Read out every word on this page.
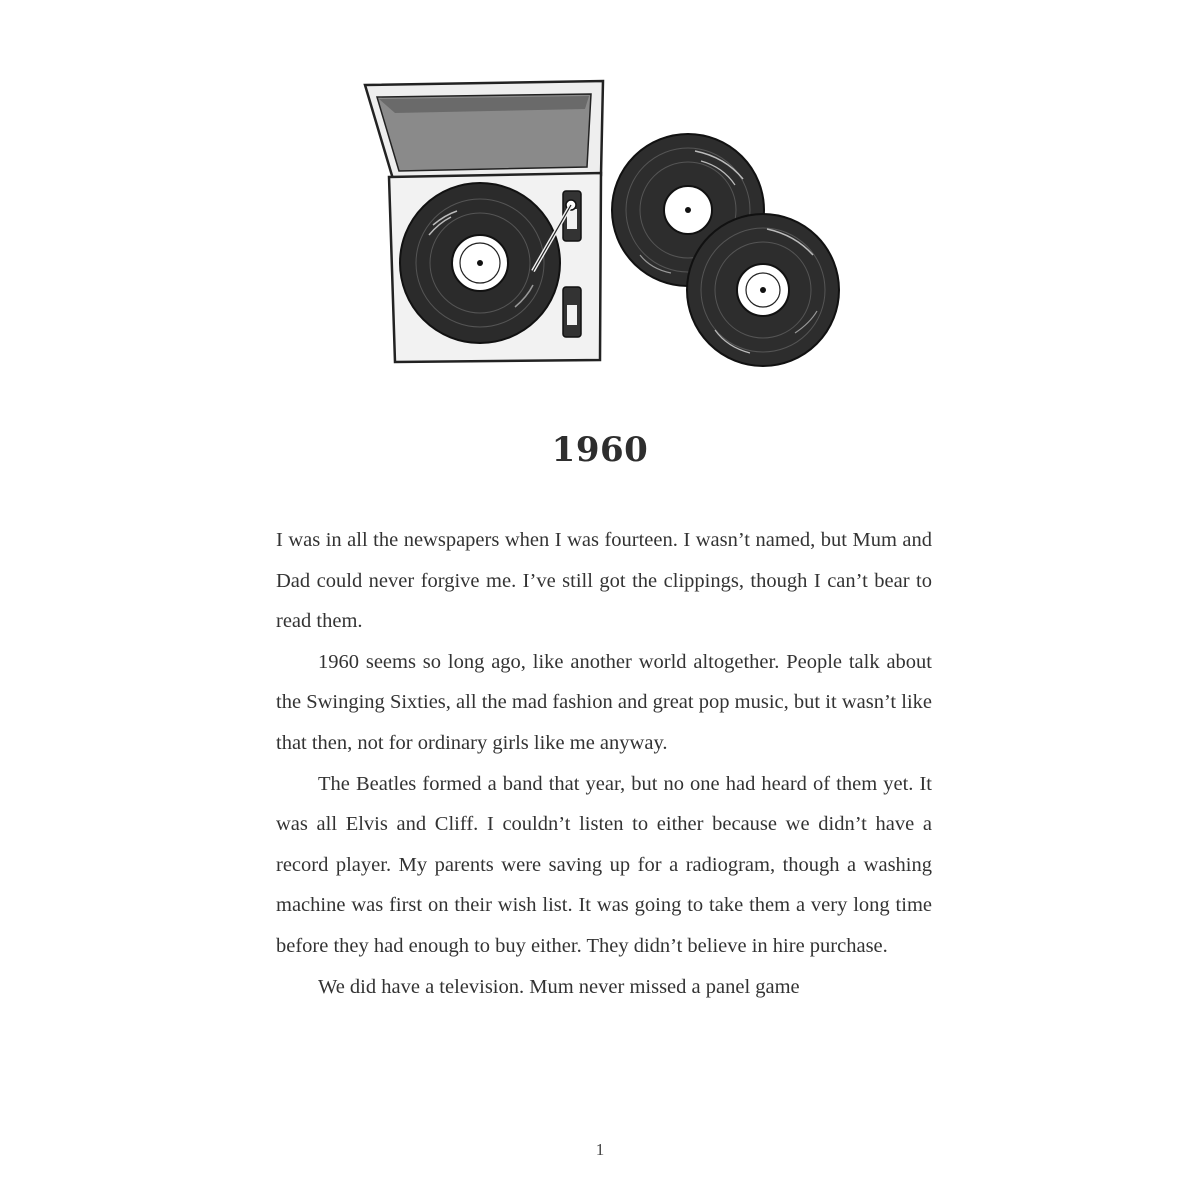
1960

I was in all the newspapers when I was fourteen. I wasn’t named, but Mum and Dad could never forgive me. I’ve still got the clippings, though I can’t bear to read them.

1960 seems so long ago, like another world altogether. People talk about the Swinging Sixties, all the mad fashion and great pop music, but it wasn’t like that then, not for ordinary girls like me anyway.

The Beatles formed a band that year, but no one had heard of them yet. It was all Elvis and Cliff. I couldn’t listen to either because we didn’t have a record player. My parents were saving up for a radiogram, though a washing machine was first on their wish list. It was going to take them a very long time before they had enough to buy either. They didn’t believe in hire purchase.

We did have a television. Mum never missed a panel game

1
